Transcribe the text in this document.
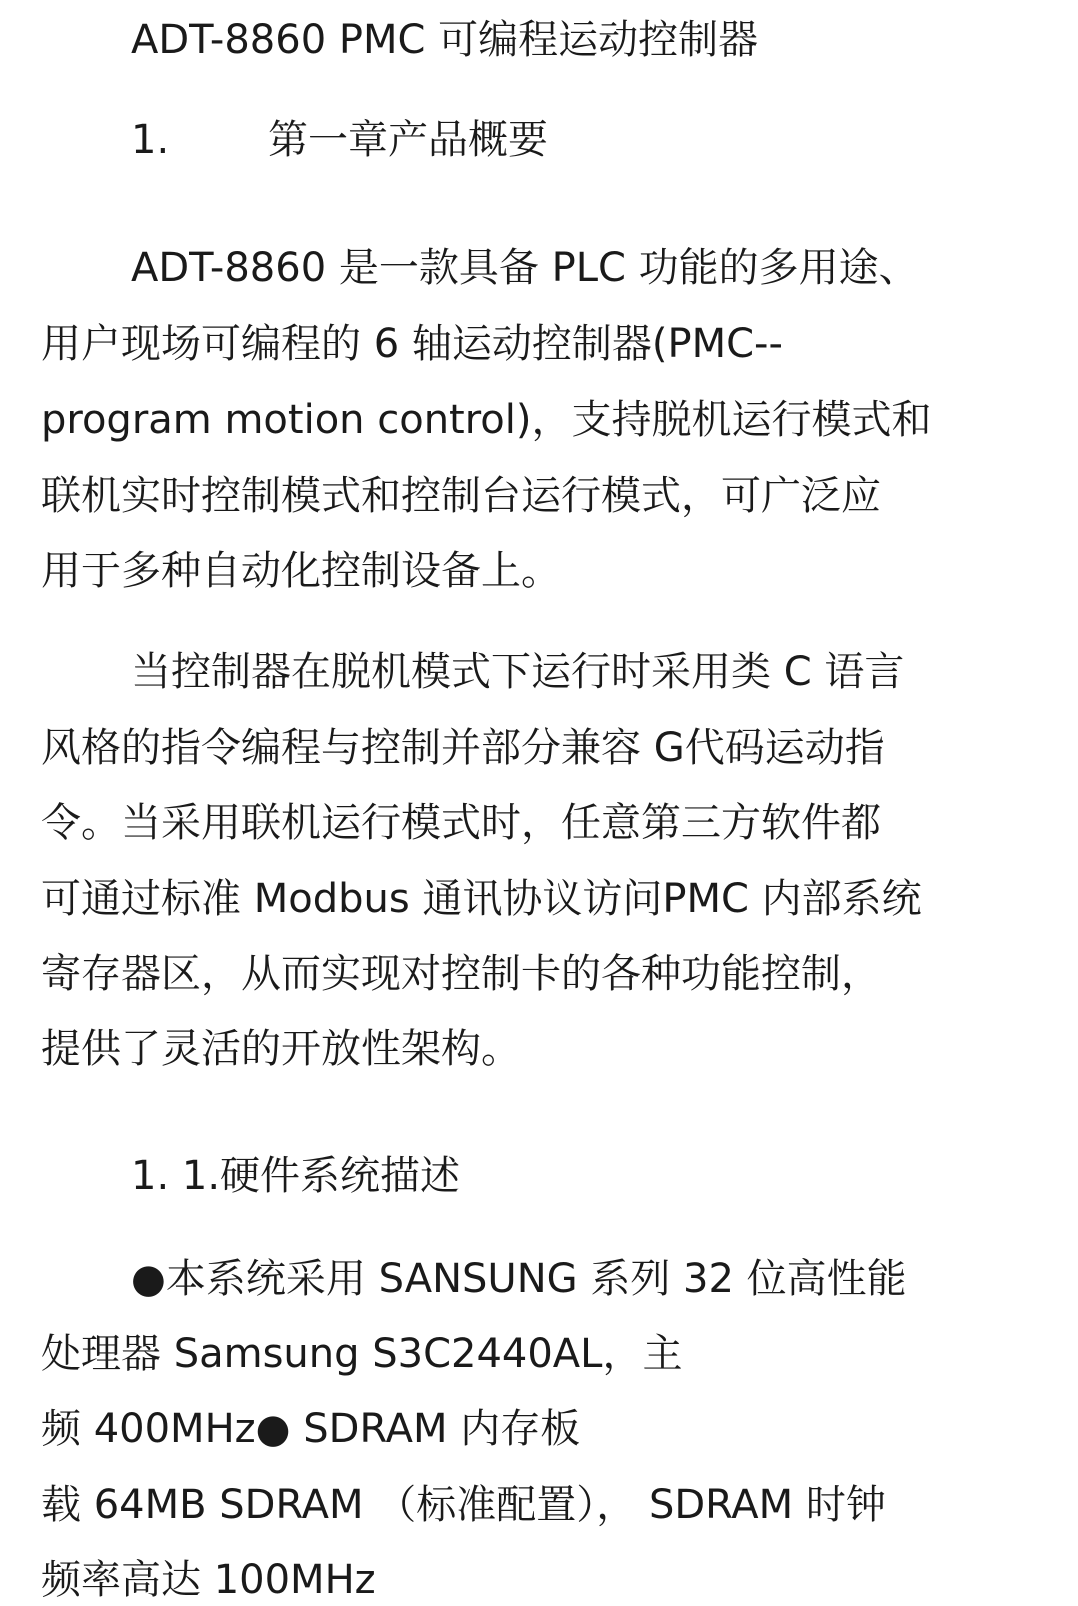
ADT-8860 PMC 可编程运动控制器
1. 第一章产品概要

ADT-8860 是一款具备 PLC 功能的多用途、

用户现场可编程的 6 轴运动控制器(PMC--

program motion control)，支持脱机运行模式和

联机实时控制模式和控制台运行模式，可广泛应

用于多种自动化控制设备上。

当控制器在脱机模式下运行时采用类 C 语言

风格的指令编程与控制并部分兼容 G代码运动指

令。当采用联机运行模式时，任意第三方软件都

可通过标准 Modbus 通讯协议访问PMC 内部系统

寄存器区，从而实现对控制卡的各种功能控制，

提供了灵活的开放性架构。

1. 1.硬件系统描述

●本系统采用 SANSUNG 系列 32 位高性能

处理器 Samsung S3C2440AL，主

频 400MHz● SDRAM 内存板

载 64MB SDRAM （标准配置）， SDRAM 时钟

频率高达 100MHz
